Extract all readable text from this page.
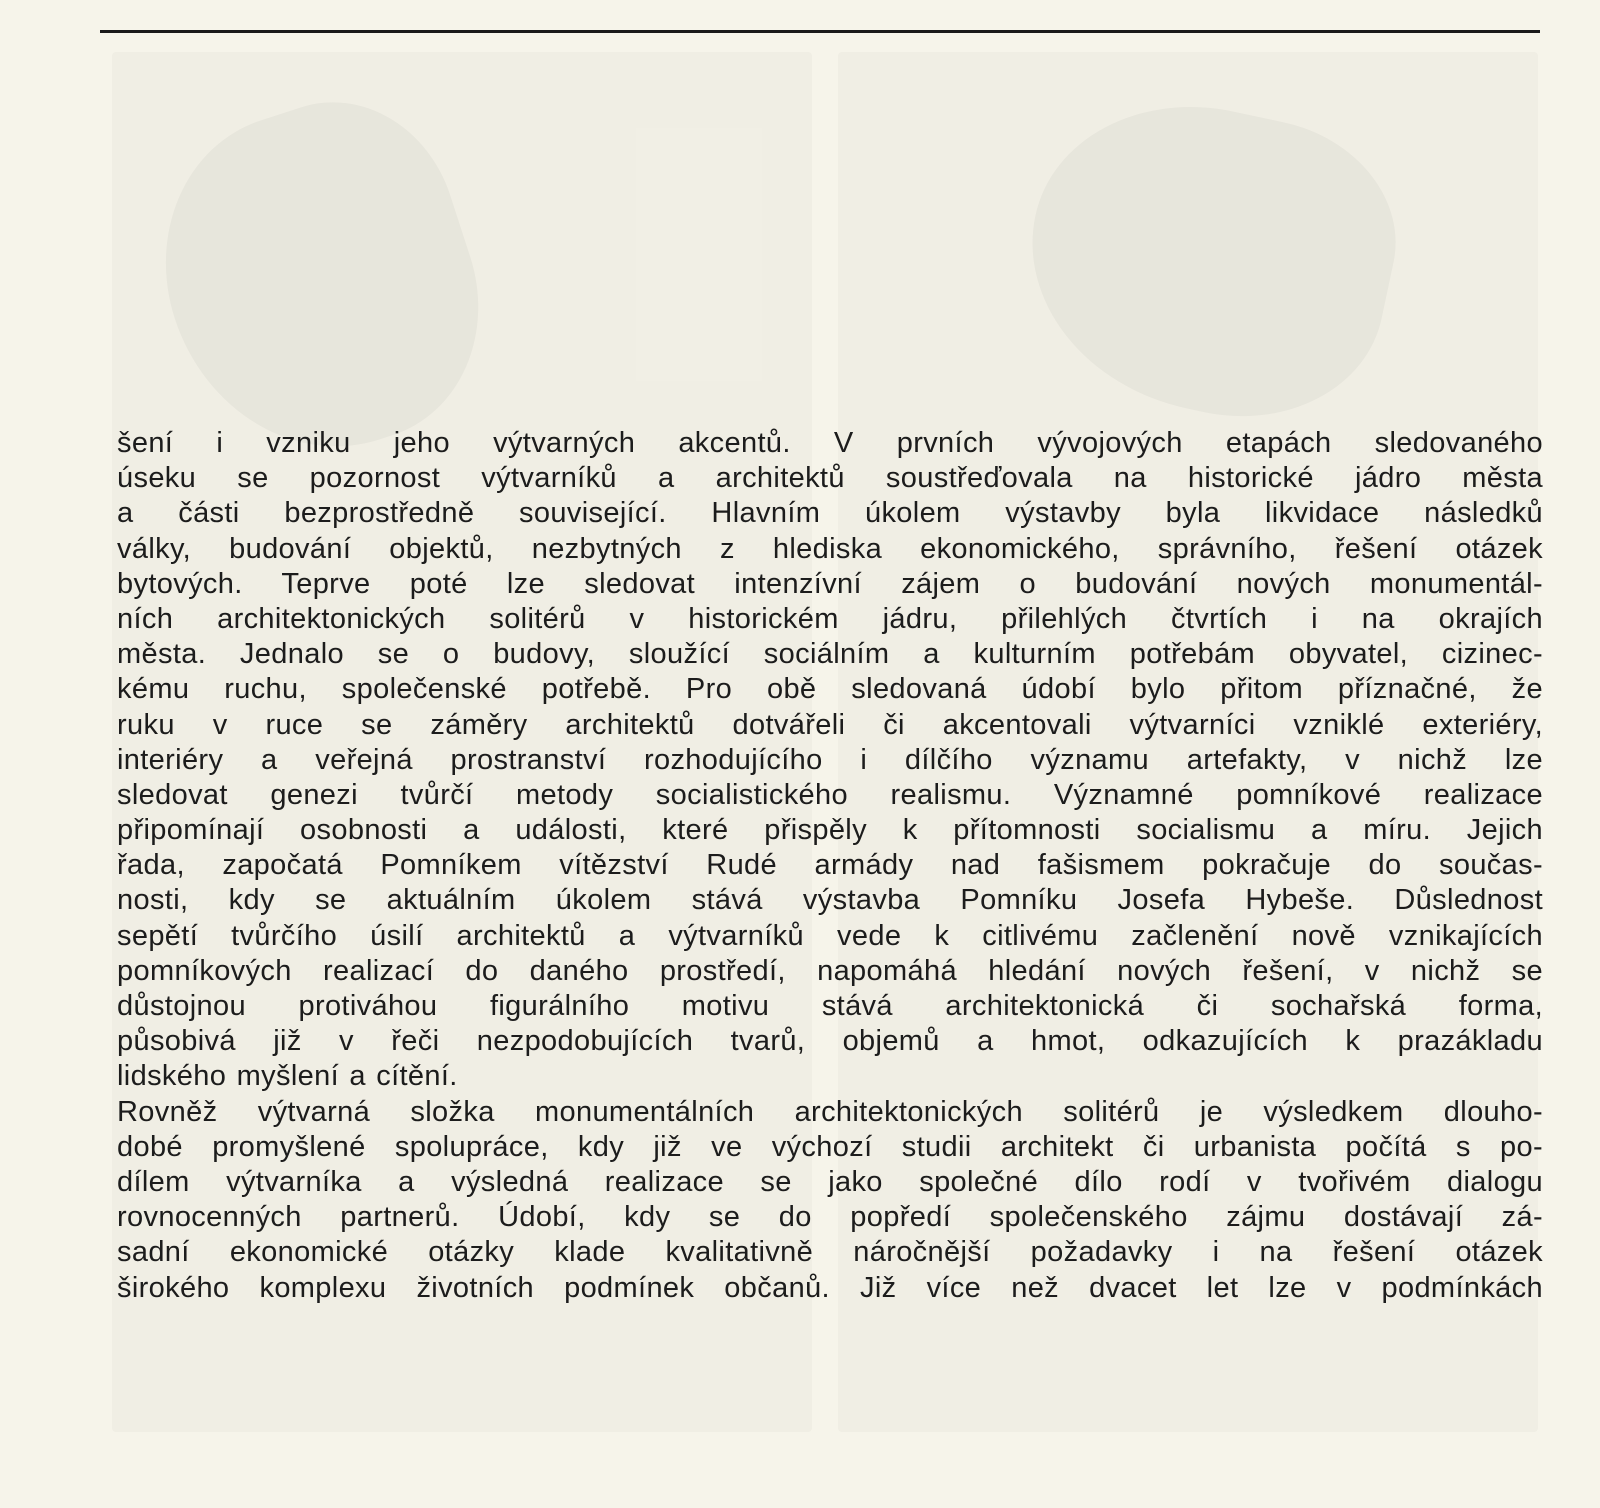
šení i vzniku jeho výtvarných akcentů. V prvních vývojových etapách sledovaného
úseku se pozornost výtvarníků a architektů soustřeďovala na historické jádro města
a části bezprostředně související. Hlavním úkolem výstavby byla likvidace následků
války, budování objektů, nezbytných z hlediska ekonomického, správního, řešení otázek
bytových. Teprve poté lze sledovat intenzívní zájem o budování nových monumentál-
ních architektonických solitérů v historickém jádru, přilehlých čtvrtích i na okrajích
města. Jednalo se o budovy, sloužící sociálním a kulturním potřebám obyvatel, cizinec-
kému ruchu, společenské potřebě. Pro obě sledovaná údobí bylo přitom příznačné, že
ruku v ruce se záměry architektů dotvářeli či akcentovali výtvarníci vzniklé exteriéry,
interiéry a veřejná prostranství rozhodujícího i dílčího významu artefakty, v nichž lze
sledovat genezi tvůrčí metody socialistického realismu. Významné pomníkové realizace
připomínají osobnosti a události, které přispěly k přítomnosti socialismu a míru. Jejich
řada, započatá Pomníkem vítězství Rudé armády nad fašismem pokračuje do součas-
nosti, kdy se aktuálním úkolem stává výstavba Pomníku Josefa Hybeše. Důslednost
sepětí tvůrčího úsilí architektů a výtvarníků vede k citlivému začlenění nově vznikajících
pomníkových realizací do daného prostředí, napomáhá hledání nových řešení, v nichž se
důstojnou protiváhou figurálního motivu stává architektonická či sochařská forma,
působivá již v řeči nezpodobujících tvarů, objemů a hmot, odkazujících k prazákladu
lidského myšlení a cítění.
Rovněž výtvarná složka monumentálních architektonických solitérů je výsledkem dlouho-
dobé promyšlené spolupráce, kdy již ve výchozí studii architekt či urbanista počítá s po-
dílem výtvarníka a výsledná realizace se jako společné dílo rodí v tvořivém dialogu
rovnocenných partnerů. Údobí, kdy se do popředí společenského zájmu dostávají zá-
sadní ekonomické otázky klade kvalitativně náročnější požadavky i na řešení otázek
širokého komplexu životních podmínek občanů. Již více než dvacet let lze v podmínkách
